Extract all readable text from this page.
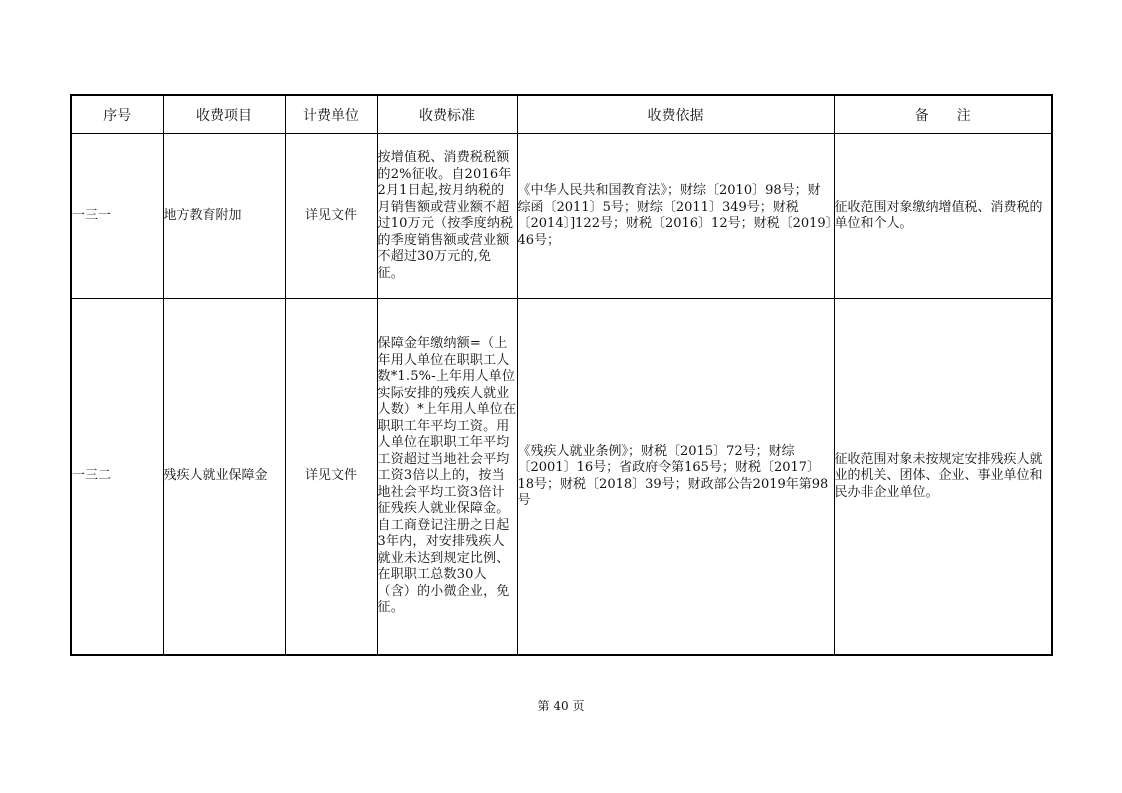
序号	收费项目	计费单位	收费标准	收费依据	备　　注
一三一	地方教育附加	详见文件	按增值税、消费税税额的2%征收。自2016年2月1日起,按月纳税的月销售额或营业额不超过10万元（按季度纳税的季度销售额或营业额不超过30万元的,免征。	《中华人民共和国教育法》；财综〔2010〕98号；财综函〔2011〕5号；财综〔2011〕349号；财税〔2014〕]122号；财税〔2016〕12号；财税〔2019〕46号；	征收范围对象缴纳增值税、消费税的单位和个人。
一三二	残疾人就业保障金	详见文件	保障金年缴纳额=（上年用人单位在职职工人数*1.5%-上年用人单位实际安排的残疾人就业人数）*上年用人单位在职职工年平均工资。用人单位在职职工年平均工资超过当地社会平均工资3倍以上的，按当地社会平均工资3倍计征残疾人就业保障金。自工商登记注册之日起3年内，对安排残疾人就业未达到规定比例、在职职工总数30人（含）的小微企业，免征。	《残疾人就业条例》；财税〔2015〕72号；财综〔2001〕16号；省政府令第165号；财税〔2017〕18号；财税〔2018〕39号；财政部公告2019年第98号	征收范围对象未按规定安排残疾人就业的机关、团体、企业、事业单位和民办非企业单位。
第 40 页
